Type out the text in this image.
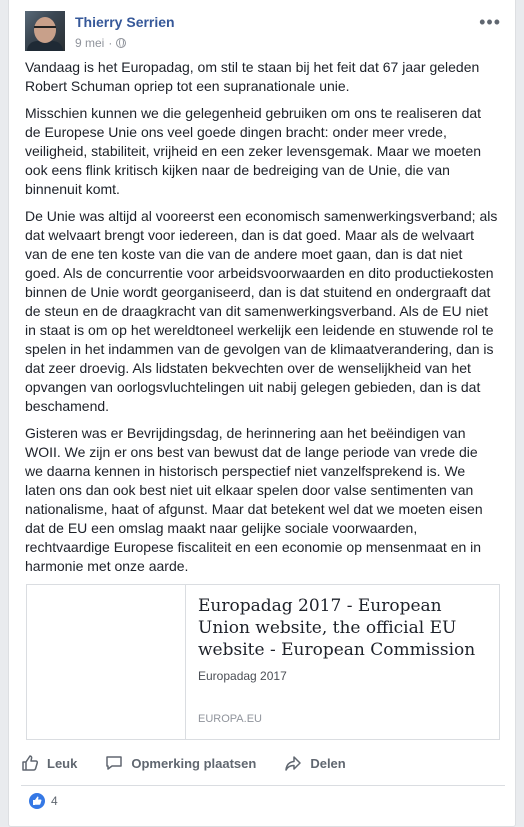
Thierry Serrien
9 mei ·
•••

Vandaag is het Europadag, om stil te staan bij het feit dat 67 jaar geleden Robert Schuman opriep tot een supranationale unie.

Misschien kunnen we die gelegenheid gebruiken om ons te realiseren dat de Europese Unie ons veel goede dingen bracht: onder meer vrede, veiligheid, stabiliteit, vrijheid en een zeker levensgemak. Maar we moeten ook eens flink kritisch kijken naar de bedreiging van de Unie, die van binnenuit komt.

De Unie was altijd al vooreerst een economisch samenwerkingsverband; als dat welvaart brengt voor iedereen, dan is dat goed. Maar als de welvaart van de ene ten koste van die van de andere moet gaan, dan is dat niet goed. Als de concurrentie voor arbeidsvoorwaarden en dito productiekosten binnen de Unie wordt georganiseerd, dan is dat stuitend en ondergraaft dat de steun en de draagkracht van dit samenwerkingsverband. Als de EU niet in staat is om op het wereldtoneel werkelijk een leidende en stuwende rol te spelen in het indammen van de gevolgen van de klimaatverandering, dan is dat zeer droevig. Als lidstaten bekvechten over de wenselijkheid van het opvangen van oorlogsvluchtelingen uit nabij gelegen gebieden, dan is dat beschamend.

Gisteren was er Bevrijdingsdag, de herinnering aan het beëindigen van WOII. We zijn er ons best van bewust dat de lange periode van vrede die we daarna kennen in historisch perspectief niet vanzelfsprekend is. We laten ons dan ook best niet uit elkaar spelen door valse sentimenten van nationalisme, haat of afgunst. Maar dat betekent wel dat we moeten eisen dat de EU een omslag maakt naar gelijke sociale voorwaarden, rechtvaardige Europese fiscaliteit en een economie op mensenmaat en in harmonie met onze aarde.

Europadag 2017 - European Union website, the official EU website - European Commission
Europadag 2017
EUROPA.EU
Leuk	Opmerking plaatsen	Delen
4
